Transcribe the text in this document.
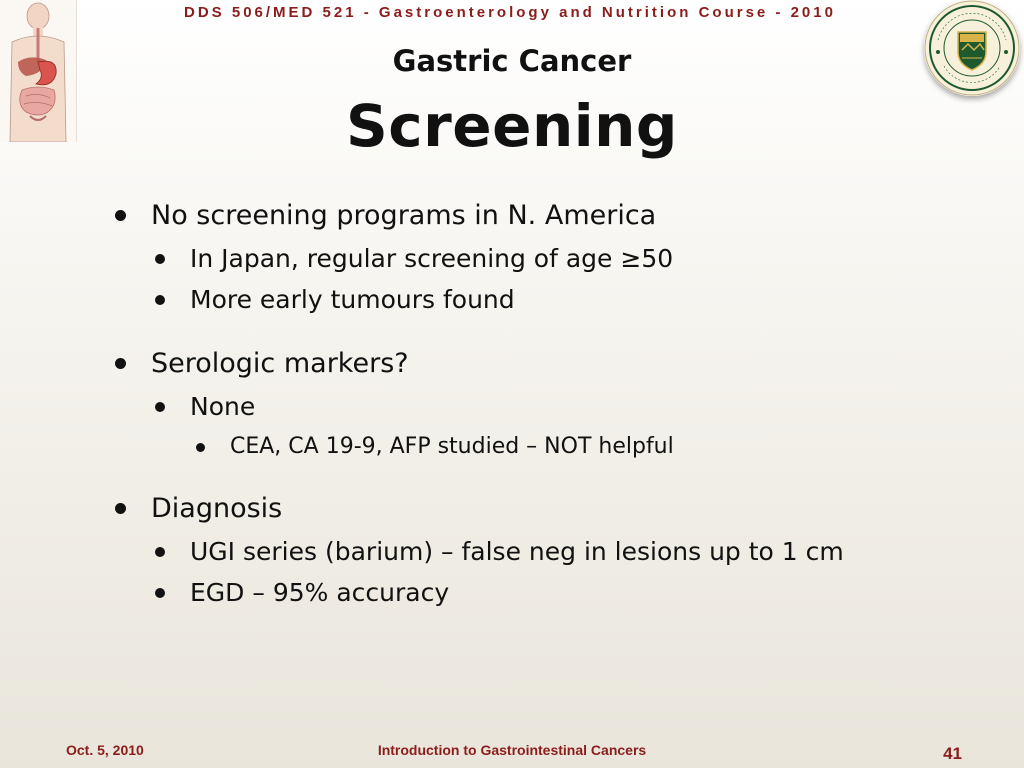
DDS 506/MED 521 - Gastroenterology and Nutrition Course - 2010
Gastric Cancer
Screening
No screening programs in N. America
In Japan, regular screening of age ≥50
More early tumours found
Serologic markers?
None
CEA, CA 19-9, AFP studied – NOT helpful
Diagnosis
UGI series (barium) – false neg in lesions up to 1 cm
EGD – 95% accuracy
Oct. 5, 2010	Introduction to Gastrointestinal Cancers	41
